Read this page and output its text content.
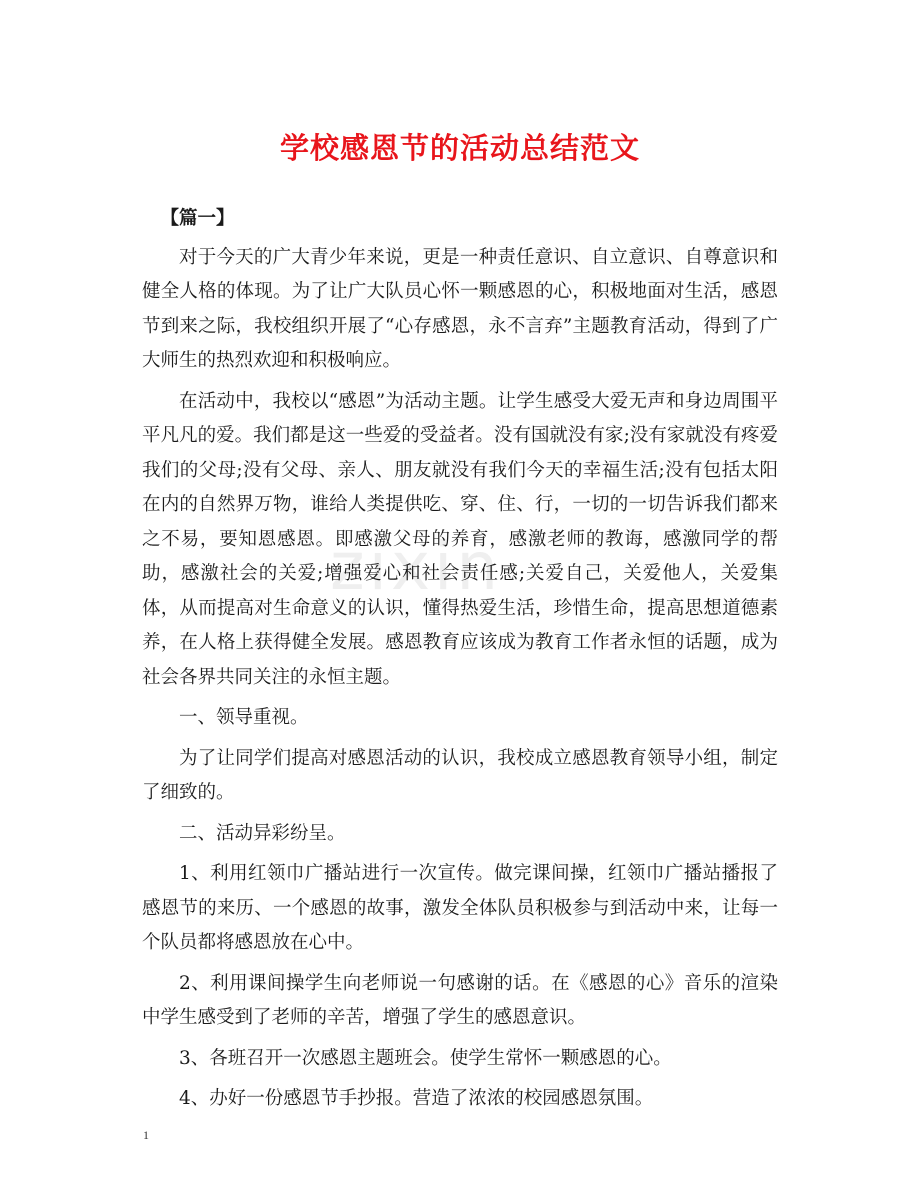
学校感恩节的活动总结范文
zixin

【篇一】

对于今天的广大青少年来说，更是一种责任意识、自立意识、自尊意识和健全人格的体现。为了让广大队员心怀一颗感恩的心，积极地面对生活，感恩节到来之际，我校组织开展了“心存感恩，永不言弃”主题教育活动，得到了广大师生的热烈欢迎和积极响应。

在活动中，我校以“感恩”为活动主题。让学生感受大爱无声和身边周围平平凡凡的爱。我们都是这一些爱的受益者。没有国就没有家;没有家就没有疼爱我们的父母;没有父母、亲人、朋友就没有我们今天的幸福生活;没有包括太阳在内的自然界万物，谁给人类提供吃、穿、住、行，一切的一切告诉我们都来之不易，要知恩感恩。即感激父母的养育，感激老师的教诲，感激同学的帮助，感激社会的关爱;增强爱心和社会责任感;关爱自己，关爱他人，关爱集体，从而提高对生命意义的认识，懂得热爱生活，珍惜生命，提高思想道德素养，在人格上获得健全发展。感恩教育应该成为教育工作者永恒的话题，成为社会各界共同关注的永恒主题。

一、领导重视。

为了让同学们提高对感恩活动的认识，我校成立感恩教育领导小组，制定了细致的。

二、活动异彩纷呈。

1、利用红领巾广播站进行一次宣传。做完课间操，红领巾广播站播报了感恩节的来历、一个感恩的故事，激发全体队员积极参与到活动中来，让每一个队员都将感恩放在心中。

2、利用课间操学生向老师说一句感谢的话。在《感恩的心》音乐的渲染中学生感受到了老师的辛苦，增强了学生的感恩意识。

3、各班召开一次感恩主题班会。使学生常怀一颗感恩的心。

4、办好一份感恩节手抄报。营造了浓浓的校园感恩氛围。

1
